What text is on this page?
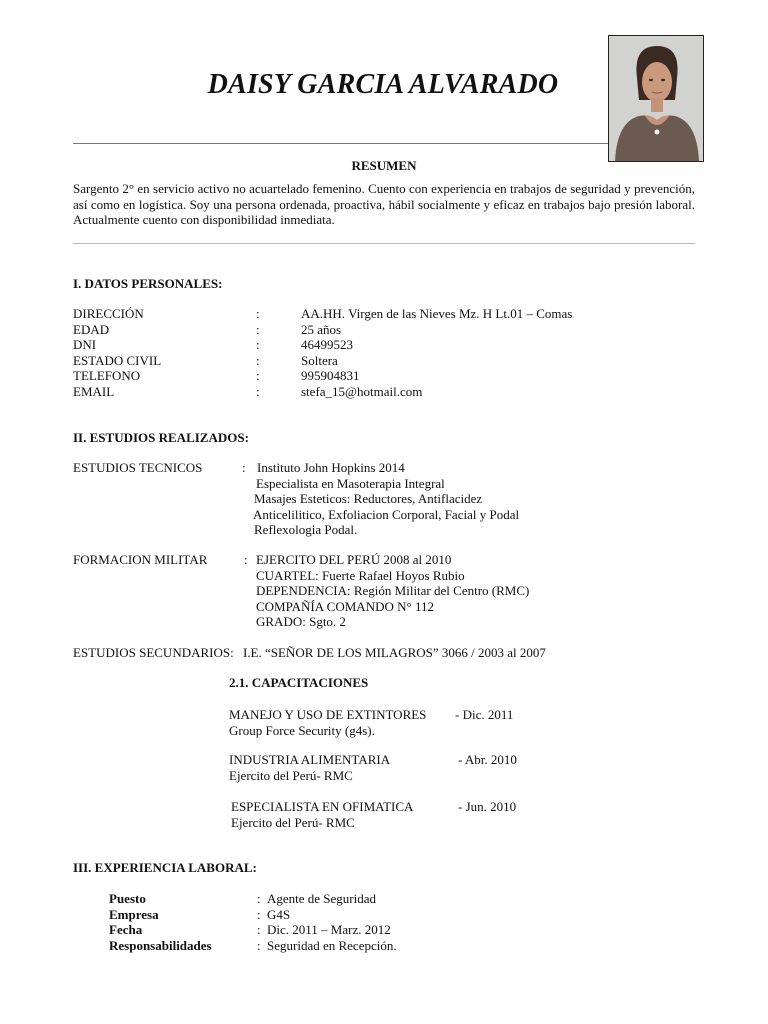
DAISY GARCIA ALVARADO
RESUMEN
Sargento 2° en servicio activo no acuartelado femenino. Cuento con experiencia en trabajos de seguridad y prevención, así como en logística. Soy una persona ordenada, proactiva, hábil socialmente y eficaz en trabajos bajo presión laboral. Actualmente cuento con disponibilidad inmediata.
I. DATOS PERSONALES:
DIRECCIÓN	:	AA.HH. Virgen de las Nieves Mz. H Lt.01 – Comas
EDAD	:	25 años
DNI	:	46499523
ESTADO CIVIL	:	Soltera
TELEFONO	:	995904831
EMAIL	:	stefa_15@hotmail.com
II. ESTUDIOS REALIZADOS:
ESTUDIOS TECNICOS	: Instituto John Hopkins 2014
Especialista en Masoterapia Integral
Masajes Esteticos: Reductores, Antiflacidez
Anticelilitico, Exfoliacion Corporal, Facial y Podal
Reflexologia Podal.
FORMACION MILITAR	: EJERCITO DEL PERÚ 2008 al 2010
CUARTEL: Fuerte Rafael Hoyos Rubio
DEPENDENCIA: Región Militar del Centro (RMC)
COMPAÑÍA COMANDO N° 112
GRADO: Sgto. 2
ESTUDIOS SECUNDARIOS: I.E. “SEÑOR DE LOS MILAGROS” 3066 / 2003 al 2007
2.1. CAPACITACIONES
MANEJO Y USO DE EXTINTORES - Dic. 2011
Group Force Security (g4s).
INDUSTRIA ALIMENTARIA	- Abr. 2010
Ejercito del Perú- RMC
ESPECIALISTA EN OFIMATICA	- Jun. 2010
Ejercito del Perú- RMC
III. EXPERIENCIA LABORAL:
Puesto	: Agente de Seguridad
Empresa	: G4S
Fecha	: Dic. 2011 – Marz. 2012
Responsabilidades	: Seguridad en Recepción.
